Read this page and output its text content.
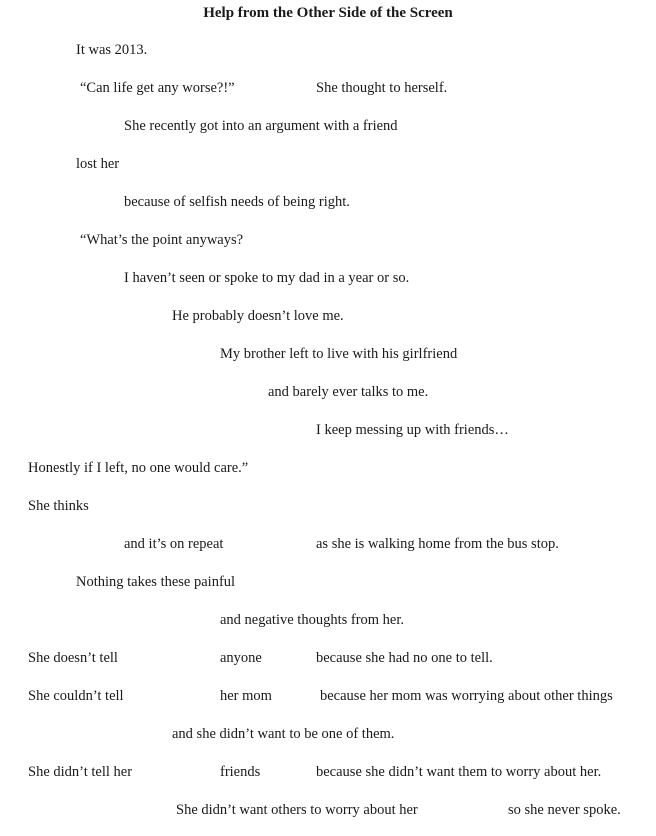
Help from the Other Side of the Screen
It was 2013.
“Can life get any worse?!”	She thought to herself.
She recently got into an argument with a friend
lost her
because of selfish needs of being right.
“What’s the point anyways?
I haven’t seen or spoke to my dad in a year or so.
He probably doesn’t love me.
My brother left to live with his girlfriend
and barely ever talks to me.
I keep messing up with friends…
Honestly if I left, no one would care.”
She thinks
and it’s on repeat	as she is walking home from the bus stop.
Nothing takes these painful
and negative thoughts from her.
She doesn’t tell	anyone	because she had no one to tell.
She couldn’t tell	her mom	because her mom was worrying about other things
and she didn’t want to be one of them.
She didn’t tell her	friends	because she didn’t want them to worry about her.
She didn’t want others to worry about her	so she never spoke.
